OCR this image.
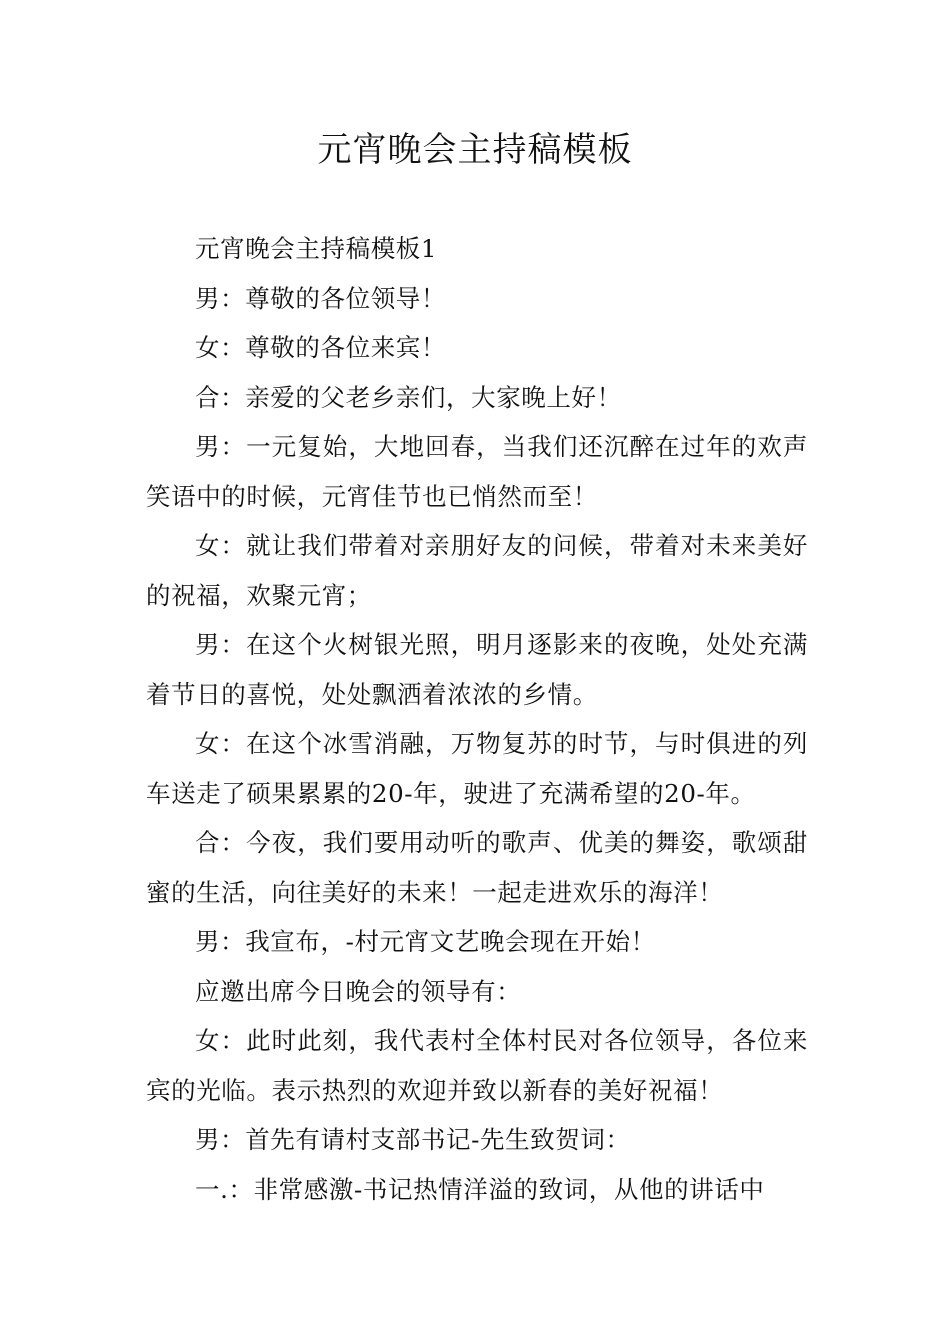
元宵晚会主持稿模板

元宵晚会主持稿模板1

男：尊敬的各位领导！

女：尊敬的各位来宾！

合：亲爱的父老乡亲们，大家晚上好！

男：一元复始，大地回春，当我们还沉醉在过年的欢声笑语中的时候，元宵佳节也已悄然而至！

女：就让我们带着对亲朋好友的问候，带着对未来美好的祝福，欢聚元宵；

男：在这个火树银光照，明月逐影来的夜晚，处处充满着节日的喜悦，处处飘洒着浓浓的乡情。

女：在这个冰雪消融，万物复苏的时节，与时俱进的列车送走了硕果累累的20-年，驶进了充满希望的20-年。

合：今夜，我们要用动听的歌声、优美的舞姿，歌颂甜蜜的生活，向往美好的未来！一起走进欢乐的海洋！

男：我宣布，-村元宵文艺晚会现在开始！

应邀出席今日晚会的领导有：

女：此时此刻，我代表村全体村民对各位领导，各位来宾的光临。表示热烈的欢迎并致以新春的美好祝福！

男：首先有请村支部书记-先生致贺词：

一.：非常感激-书记热情洋溢的致词，从他的讲话中
